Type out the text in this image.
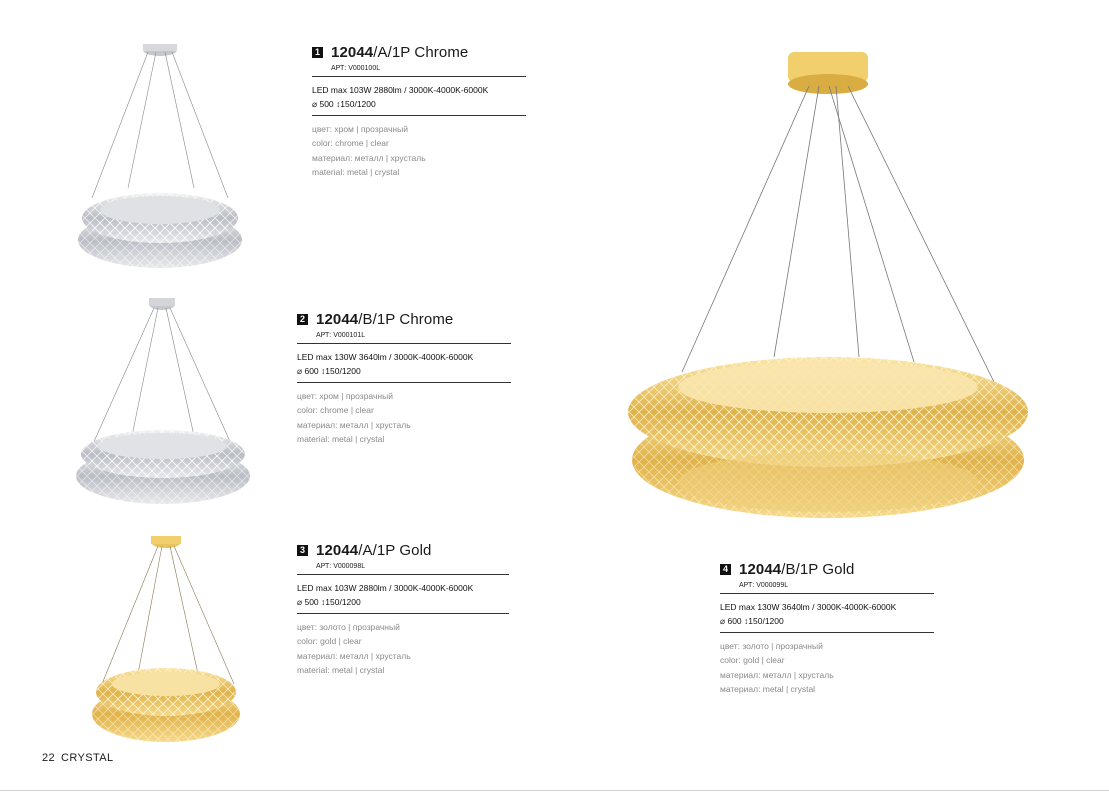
1 12044/A/1P Chrome
АРТ: V000100L
LED max 103W 2880lm / 3000K-4000K-6000K
⌀ 500 ↕150/1200
цвет: хром | прозрачный
color: chrome | clear
материал: металл | хрусталь
material: metal | crystal
2 12044/B/1P Chrome
АРТ: V000101L
LED max 130W 3640lm / 3000K-4000K-6000K
⌀ 600 ↕150/1200
цвет: хром | прозрачный
color: chrome | clear
материал: металл | хрусталь
material: metal | crystal
3 12044/A/1P Gold
АРТ: V000098L
LED max 103W 2880lm / 3000K-4000K-6000K
⌀ 500 ↕150/1200
цвет: золото | прозрачный
color: gold | clear
материал: металл | хрусталь
material: metal | crystal
4 12044/B/1P Gold
АРТ: V000099L
LED max 130W 3640lm / 3000K-4000K-6000K
⌀ 600 ↕150/1200
цвет: золото | прозрачный
color: gold | clear
материал: металл | хрусталь
материал: metal | crystal
22 CRYSTAL
